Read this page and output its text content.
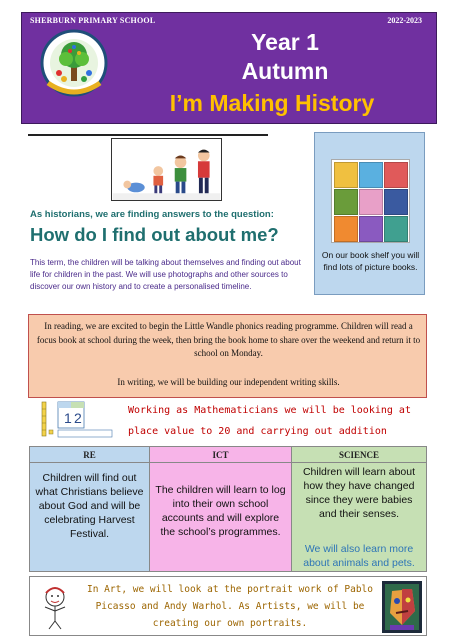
SHERBURN PRIMARY SCHOOL	2022-2023
Year 1
Autumn
I’m Making History
On our book shelf you will find lots of picture books.
As historians, we are finding answers to the question:
How do I find out about me?
This term, the children will be talking about themselves and finding out about life for children in the past. We will use photographs and other sources to discover our own history and to create a personalised timeline.
In reading, we are excited to begin the Little Wandle phonics reading programme. Children will read a focus book at school during the week, then bring the book home to share over the weekend and return it to school on Monday.
In writing, we will be building our independent writing skills.
1 2	Working as Mathematicians we will be looking at place value to 20 and carrying out addition
RE
Children will find out what Christians believe about God and will be celebrating Harvest Festival.
ICT
The children will learn to log into their own school accounts and will explore the school’s programmes.
SCIENCE
Children will learn about how they have changed since they were babies and their senses.
We will also learn more about animals and pets.
In Art, we will look at the portrait work of Pablo Picasso and Andy Warhol. As Artists, we will be creating our own portraits.
